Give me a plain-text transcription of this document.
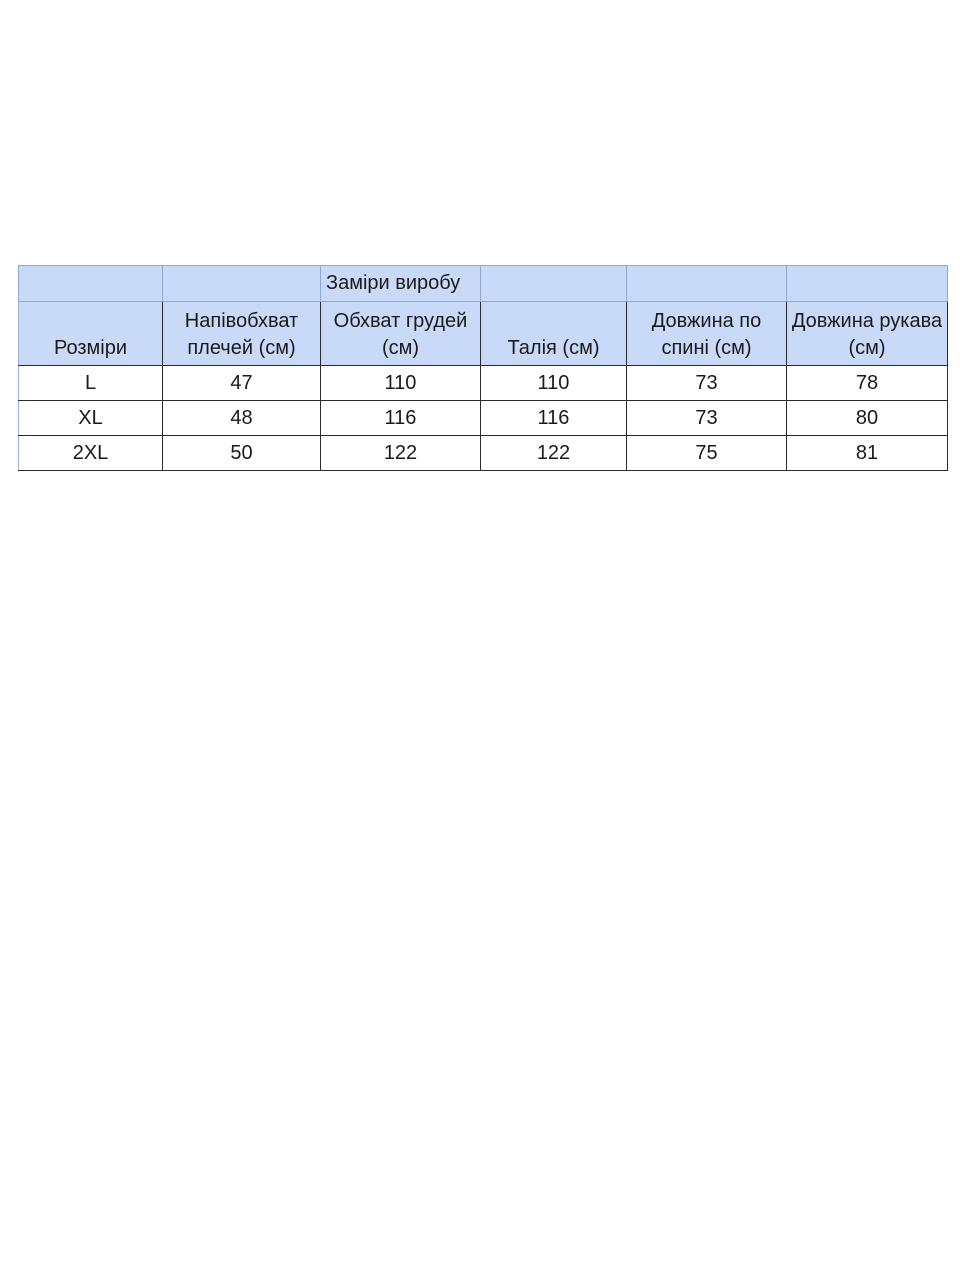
		Заміри виробу			
Розміри	Напівобхват плечей (см)	Обхват грудей (см)	Талія (см)	Довжина по спині (см)	Довжина рукава (см)
L	47	110	110	73	78
XL	48	116	116	73	80
2XL	50	122	122	75	81
